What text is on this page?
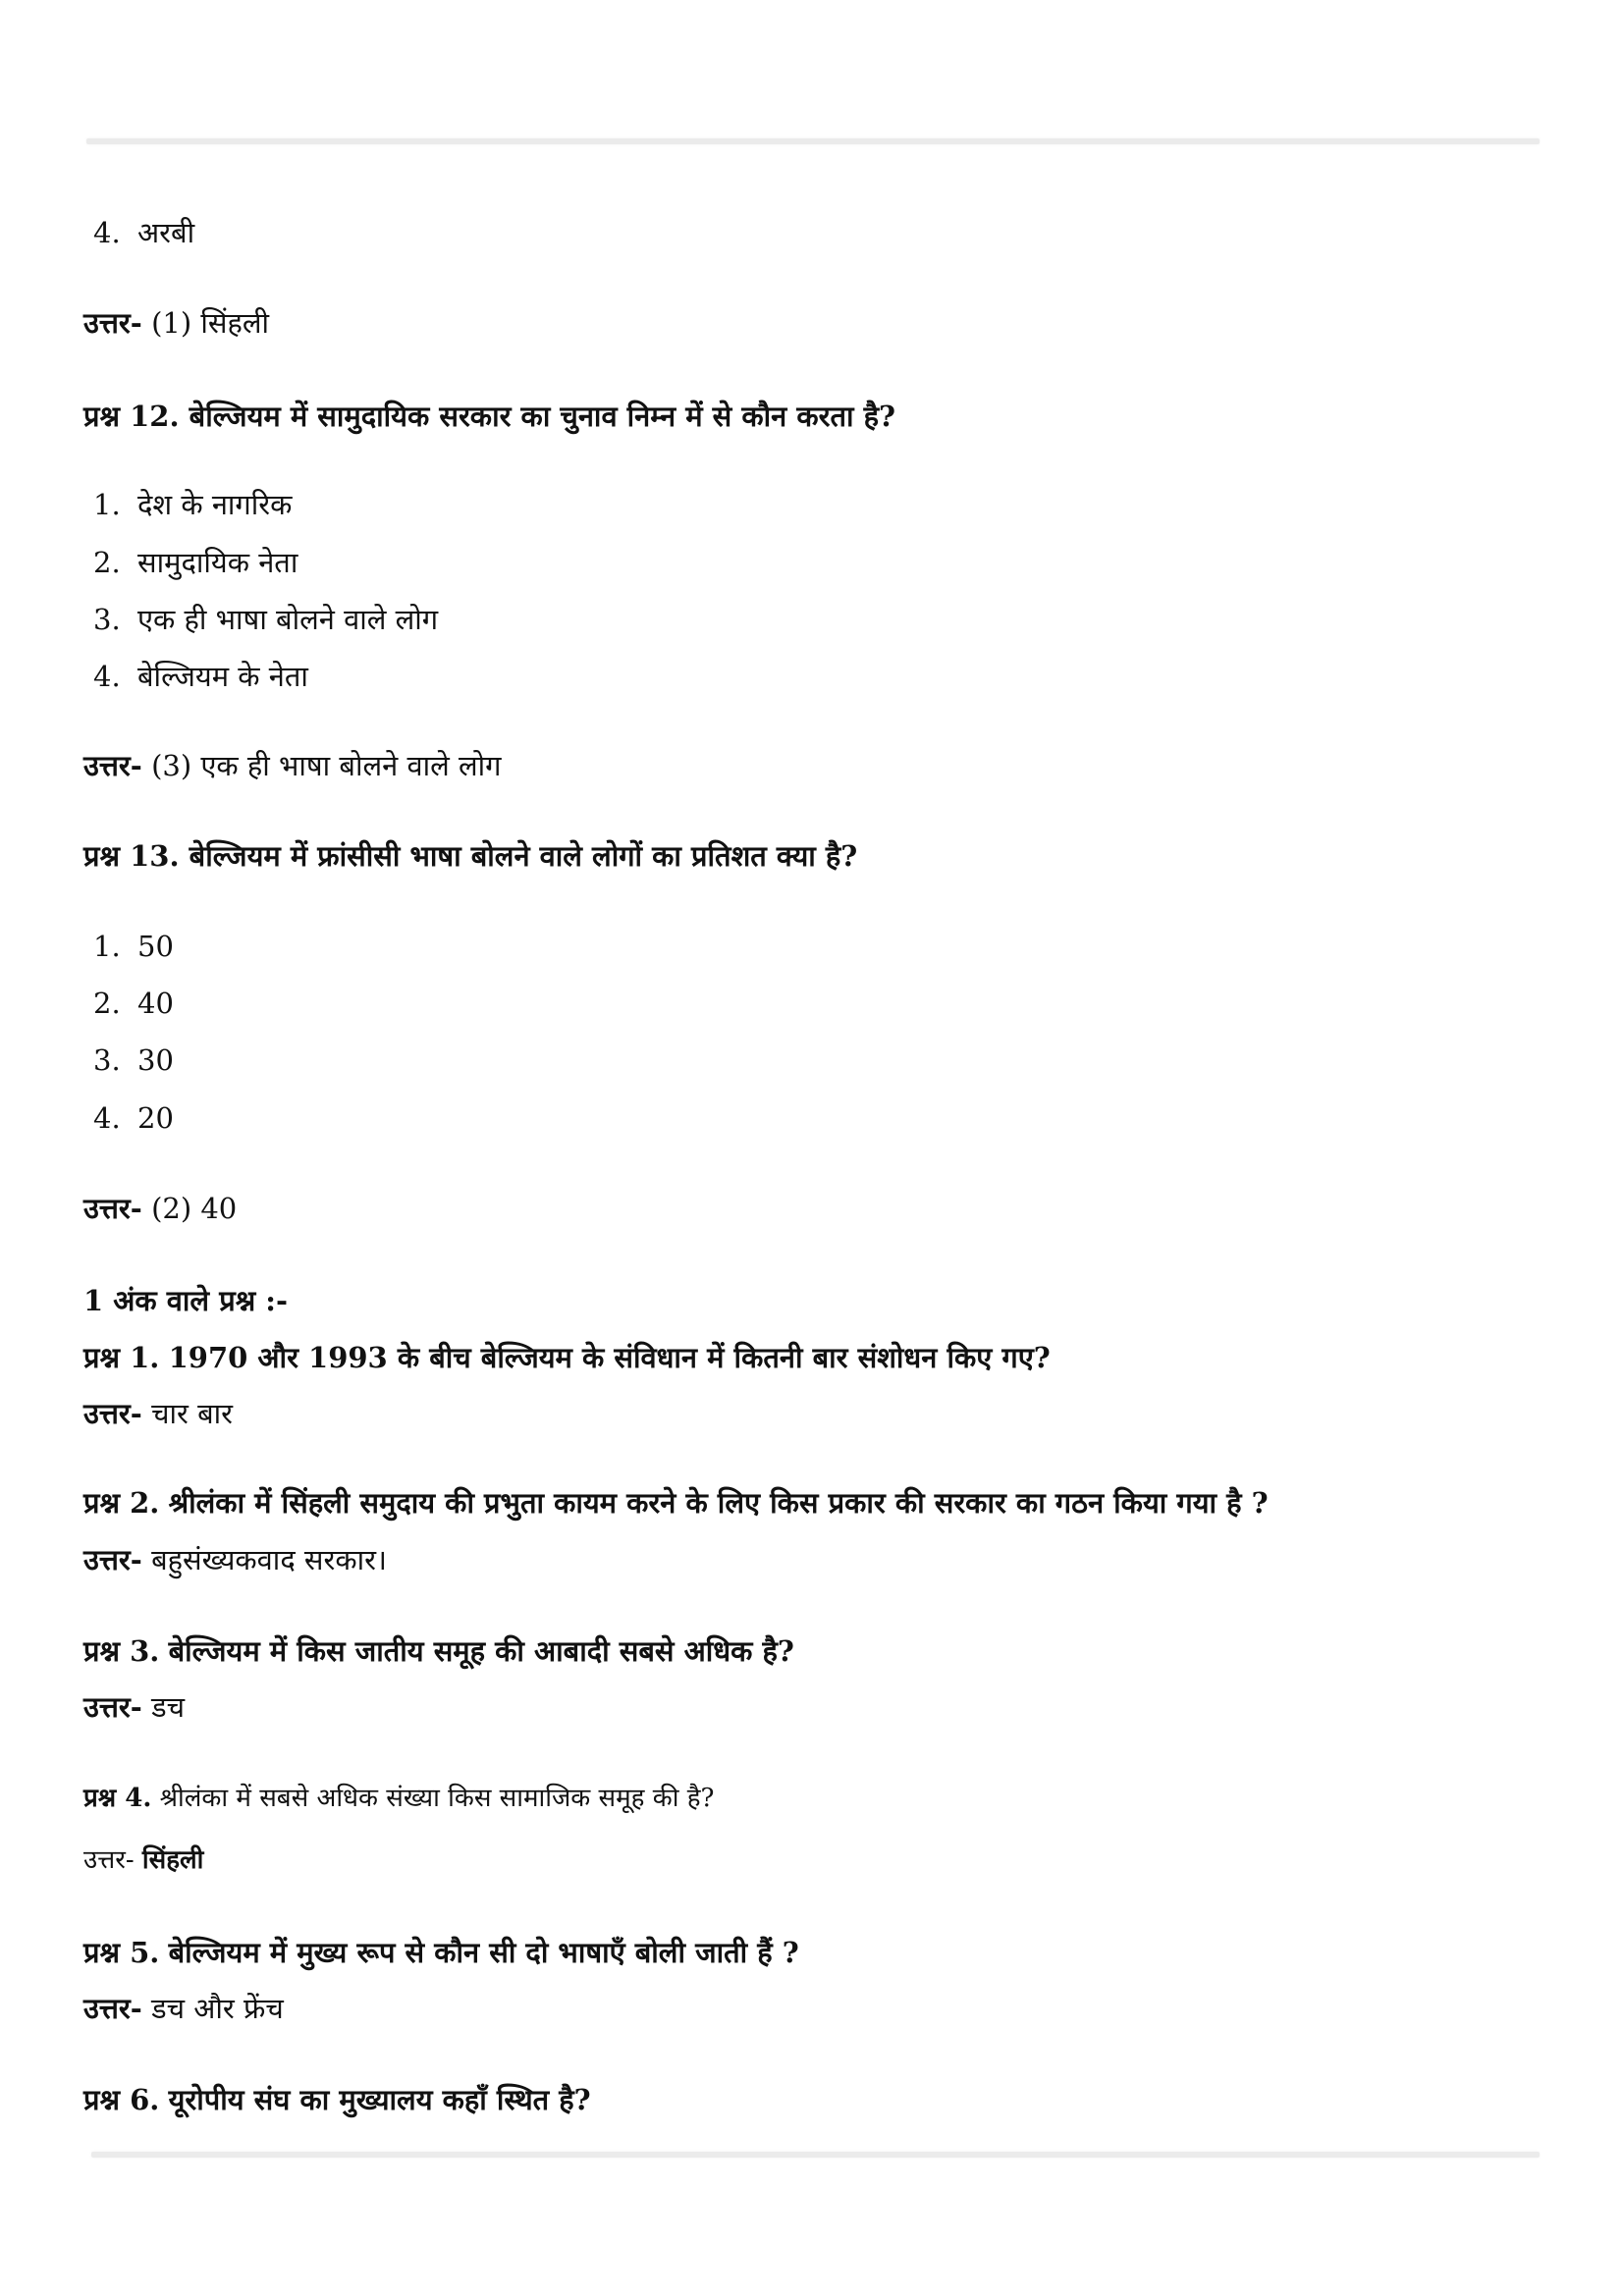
4. अरबी
उत्तर- (1) सिंहली
प्रश्न 12. बेल्जियम में सामुदायिक सरकार का चुनाव निम्न में से कौन करता है?
1. देश के नागरिक
2. सामुदायिक नेता
3. एक ही भाषा बोलने वाले लोग
4. बेल्जियम के नेता
उत्तर- (3) एक ही भाषा बोलने वाले लोग
प्रश्न 13. बेल्जियम में फ्रांसीसी भाषा बोलने वाले लोगों का प्रतिशत क्या है?
1. 50
2. 40
3. 30
4. 20
उत्तर- (2) 40
1 अंक वाले प्रश्न :-
प्रश्न 1. 1970 और 1993 के बीच बेल्जियम के संविधान में कितनी बार संशोधन किए गए?
उत्तर- चार बार
प्रश्न 2. श्रीलंका में सिंहली समुदाय की प्रभुता कायम करने के लिए किस प्रकार की सरकार का गठन किया गया है ?
उत्तर- बहुसंख्यकवाद सरकार।
प्रश्न 3. बेल्जियम में किस जातीय समूह की आबादी सबसे अधिक है?
उत्तर- डच
प्रश्न 4. श्रीलंका में सबसे अधिक संख्या किस सामाजिक समूह की है?
उत्तर- सिंहली
प्रश्न 5. बेल्जियम में मुख्य रूप से कौन सी दो भाषाएँ बोली जाती हैं ?
उत्तर- डच और फ्रेंच
प्रश्न 6. यूरोपीय संघ का मुख्यालय कहाँ स्थित है?
